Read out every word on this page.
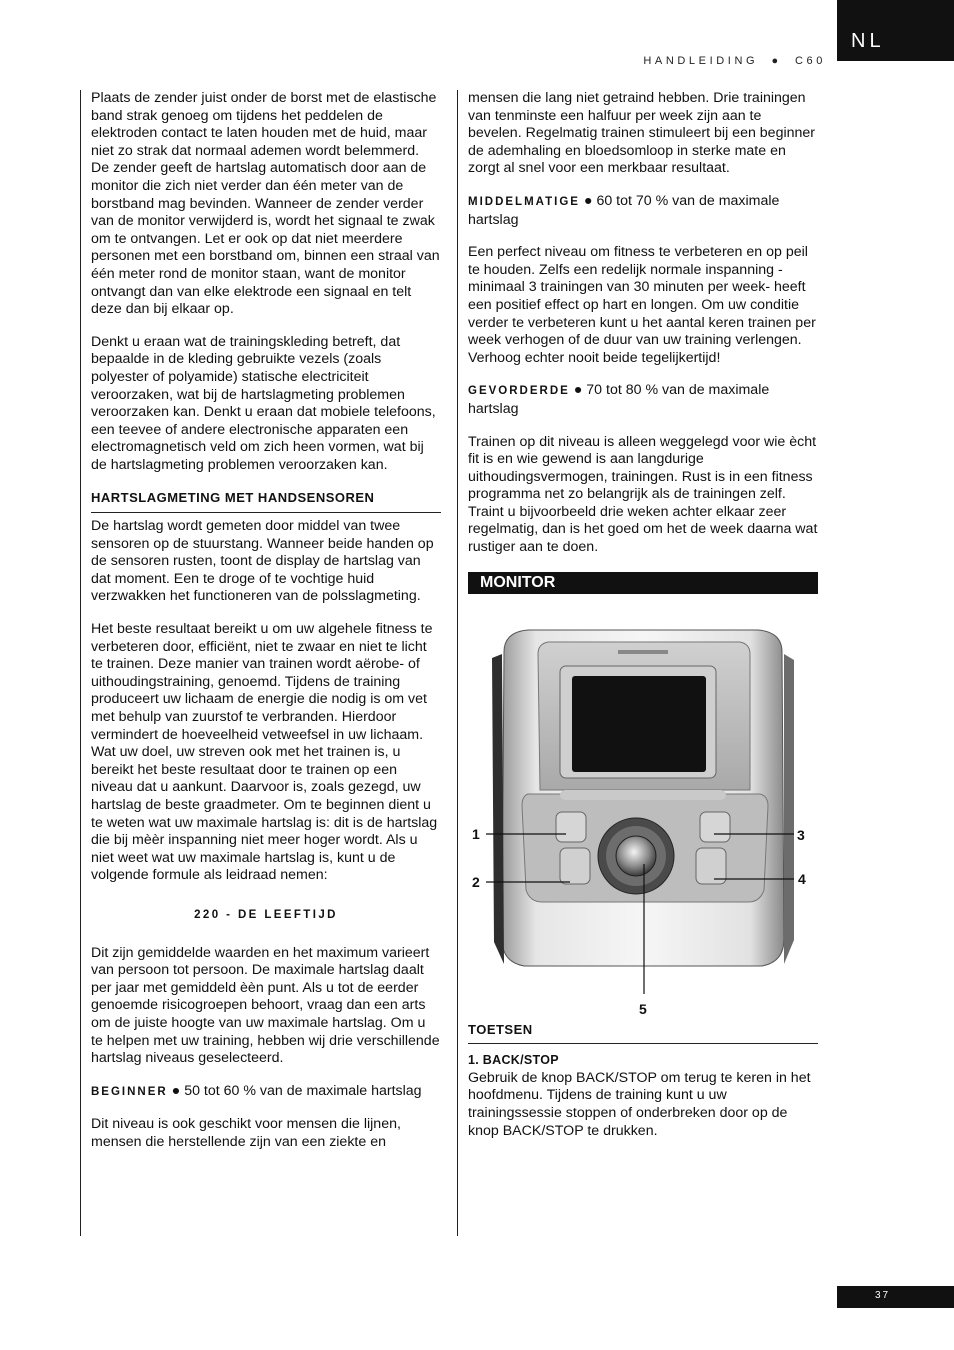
NL
HANDLEIDING  ●  C60

Plaats de zender juist onder de borst met de elastische band strak genoeg om tijdens het peddelen de elektroden contact te laten houden met de huid, maar niet zo strak dat normaal ademen wordt belemmerd. De zender geeft de hartslag automatisch door aan de monitor die zich niet verder dan één meter van de borstband mag bevinden. Wanneer de zender verder van de monitor verwijderd is, wordt het signaal te zwak om te ontvangen. Let er ook op dat niet meerdere personen met een borstband om, binnen een straal van één meter rond de monitor staan, want de monitor ontvangt dan van elke elektrode een signaal en telt deze dan bij elkaar op.

Denkt u eraan wat de trainingskleding betreft, dat bepaalde in de kleding gebruikte vezels (zoals polyester of polyamide) statische electriciteit veroorzaken, wat bij de hartslagmeting problemen veroorzaken kan. Denkt u eraan dat mobiele telefoons, een teevee of andere electronische apparaten een electromagnetisch veld om zich heen vormen, wat bij de hartslagmeting problemen veroorzaken kan.

HARTSLAGMETING MET HANDSENSOREN

De hartslag wordt gemeten door middel van twee sensoren op de stuurstang. Wanneer beide handen op de sensoren rusten, toont de display de hartslag van dat moment. Een te droge of te vochtige huid verzwakken het functioneren van de polsslagmeting.

Het beste resultaat bereikt u om uw algehele fitness te verbeteren door, efficiënt, niet te zwaar en niet te licht te trainen. Deze manier van trainen wordt aërobe- of uithoudingstraining, genoemd. Tijdens de training produceert uw lichaam de energie die nodig is om vet met behulp van zuurstof te verbranden. Hierdoor vermindert de hoeveelheid vetweefsel in uw lichaam. Wat uw doel, uw streven ook met het trainen is, u bereikt het beste resultaat door te trainen op een niveau dat u aankunt. Daarvoor is, zoals gezegd, uw hartslag de beste graadmeter. Om te beginnen dient u te weten wat uw maximale hartslag is: dit is de hartslag die bij mèèr inspanning niet meer hoger wordt. Als u niet weet wat uw maximale hartslag is, kunt u de volgende formule als leidraad nemen:

220 - DE LEEFTIJD

Dit zijn gemiddelde waarden en het maximum varieert van persoon tot persoon. De maximale hartslag daalt per jaar met gemiddeld èèn punt. Als u tot de eerder genoemde risicogroepen behoort, vraag dan een arts om de juiste hoogte van uw maximale hartslag. Om u te helpen met uw training, hebben wij drie verschillende hartslag niveaus geselecteerd.

BEGINNER ● 50 tot 60 % van de maximale hartslag

Dit niveau is ook geschikt voor mensen die lijnen, mensen die herstellende zijn van een ziekte en

mensen die lang niet getraind hebben. Drie trainingen van tenminste een halfuur per week zijn aan te bevelen. Regelmatig trainen stimuleert bij een beginner de ademhaling en bloedsomloop in sterke mate en zorgt al snel voor een merkbaar resultaat.

MIDDELMATIGE ● 60 tot 70 % van de maximale hartslag

Een perfect niveau om fitness te verbeteren en op peil te houden. Zelfs een redelijk normale inspanning -minimaal 3 trainingen van 30 minuten per week- heeft een positief effect op hart en longen. Om uw conditie verder te verbeteren kunt u het aantal keren trainen per week verhogen of de duur van uw training verlengen. Verhoog echter nooit beide tegelijkertijd!

GEVORDERDE ● 70 tot 80 % van de maximale hartslag

Trainen op dit niveau is alleen weggelegd voor wie ècht fit is en wie gewend is aan langdurige uithoudingsvermogen, trainingen. Rust is in een fitness programma net zo belangrijk als de trainingen zelf. Traint u bijvoorbeeld drie weken achter elkaar zeer regelmatig, dan is het goed om het de week daarna wat rustiger aan te doen.

MONITOR
1
2
3
4
5
TOETSEN
1. BACK/STOP

Gebruik de knop BACK/STOP om terug te keren in het hoofdmenu. Tijdens de training kunt u uw trainingssessie stoppen of onderbreken door op de knop BACK/STOP te drukken.

37
